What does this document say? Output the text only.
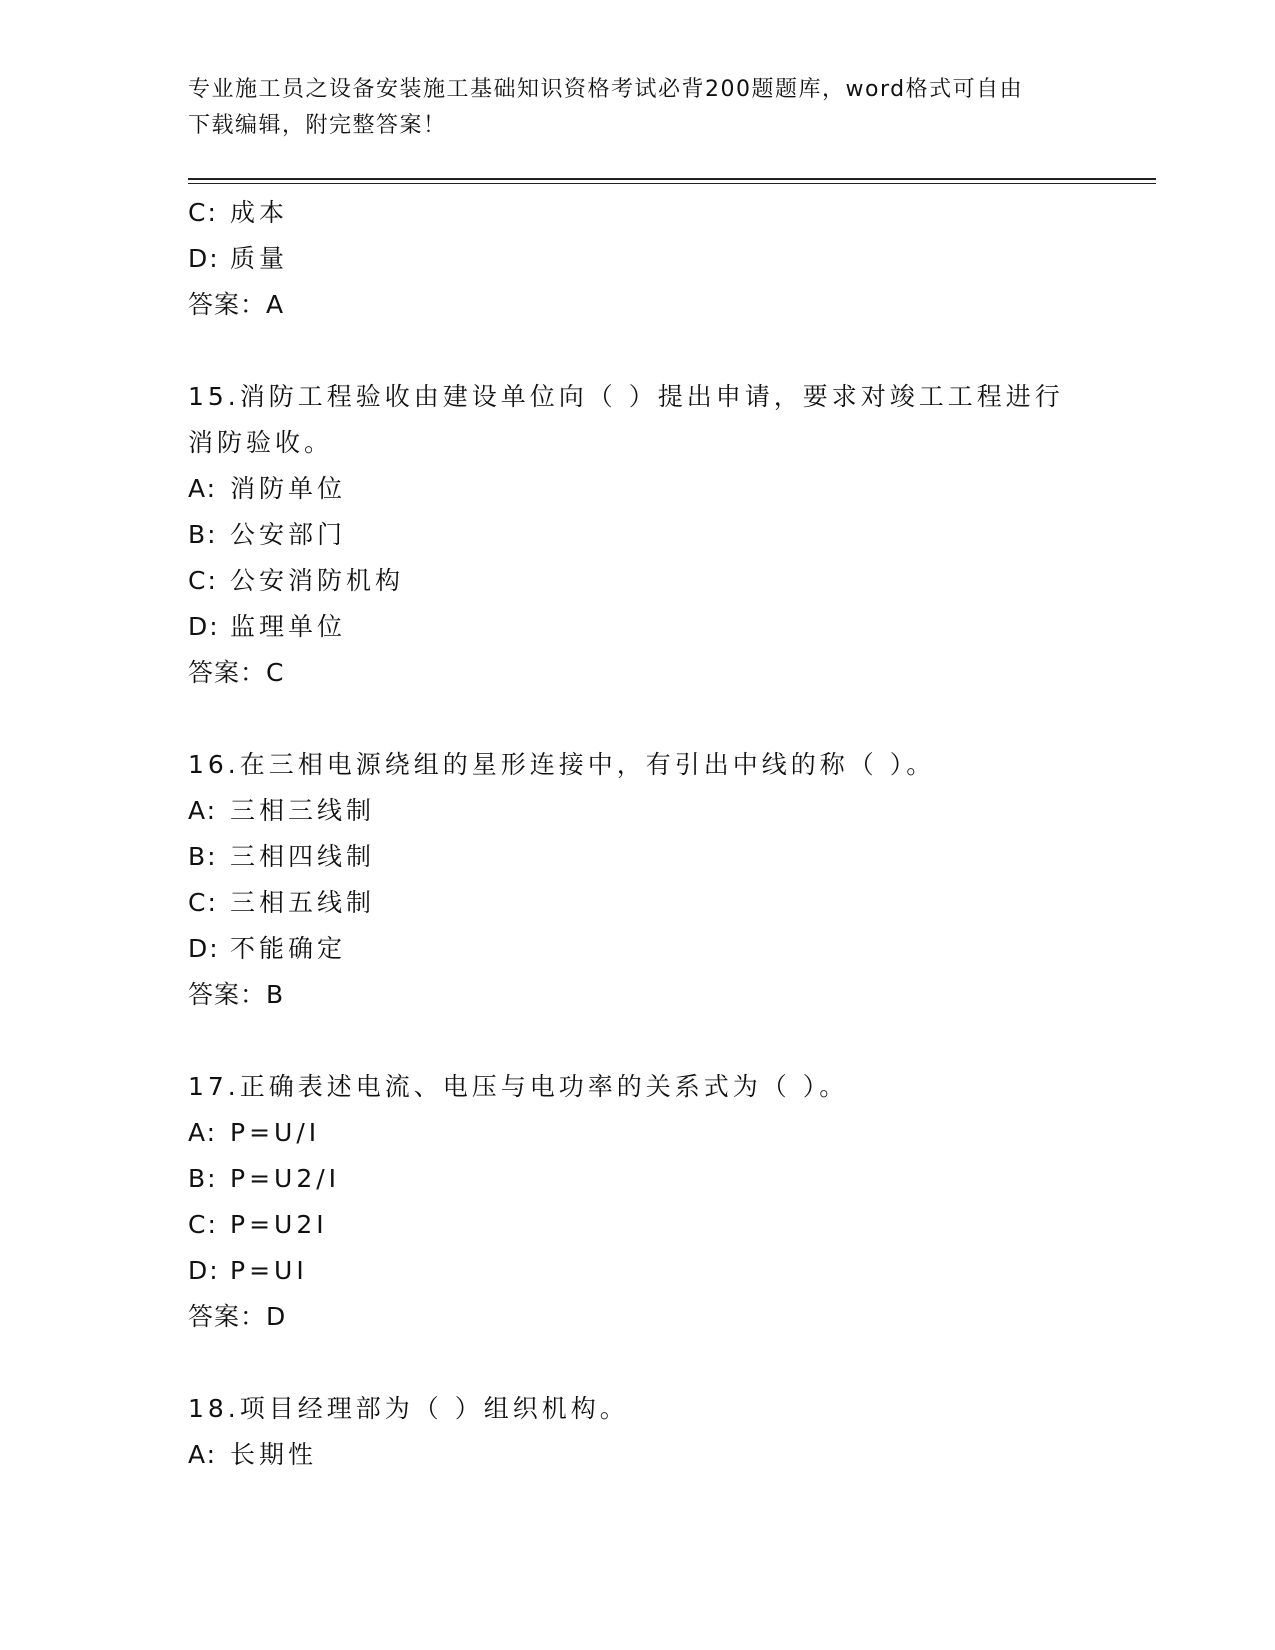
专业施工员之设备安装施工基础知识资格考试必背200题题库，word格式可自由
下载编辑，附完整答案！
C: 成本
D: 质量
答案：A
15.消防工程验收由建设单位向（ ）提出申请，要求对竣工工程进行
消防验收。
A: 消防单位
B: 公安部门
C: 公安消防机构
D: 监理单位
答案：C
16.在三相电源绕组的星形连接中，有引出中线的称（ ）。
A: 三相三线制
B: 三相四线制
C: 三相五线制
D: 不能确定
答案：B
17.正确表述电流、电压与电功率的关系式为（ ）。
A: P=U/I
B: P=U2/I
C: P=U2I
D: P=UI
答案：D
18.项目经理部为（ ）组织机构。
A: 长期性
